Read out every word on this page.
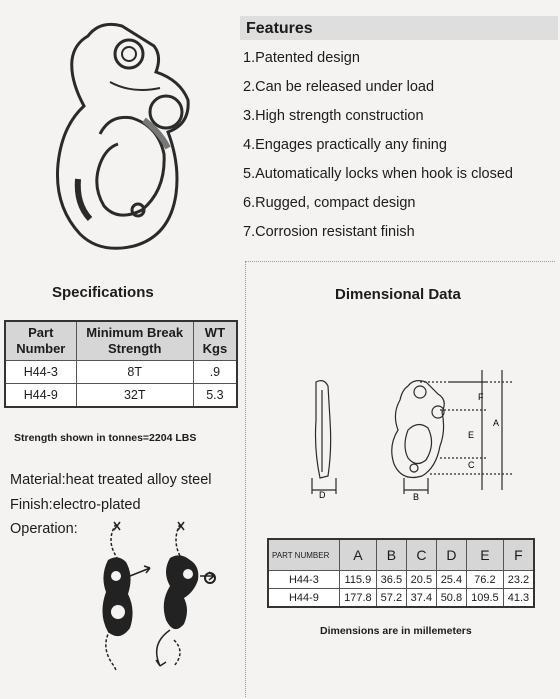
Features
1.Patented design
2.Can be released under load
3.High strength construction
4.Engages practically any fining
5.Automatically locks when hook is closed
6.Rugged, compact design
7.Corrosion resistant finish
Specifications
Part Number	Minimum Break Strength	WT Kgs
H44-3	8T	.9
H44-9	32T	5.3
Strength shown in tonnes=2204 LBS
Material:heat treated alloy steel
Finish:electro-plated
Operation:
Dimensional Data
F
E
C
A
D	B
PART NUMBER	A	B	C	D	E	F
H44-3	115.9	36.5	20.5	25.4	76.2	23.2
H44-9	177.8	57.2	37.4	50.8	109.5	41.3
Dimensions are in millemeters
